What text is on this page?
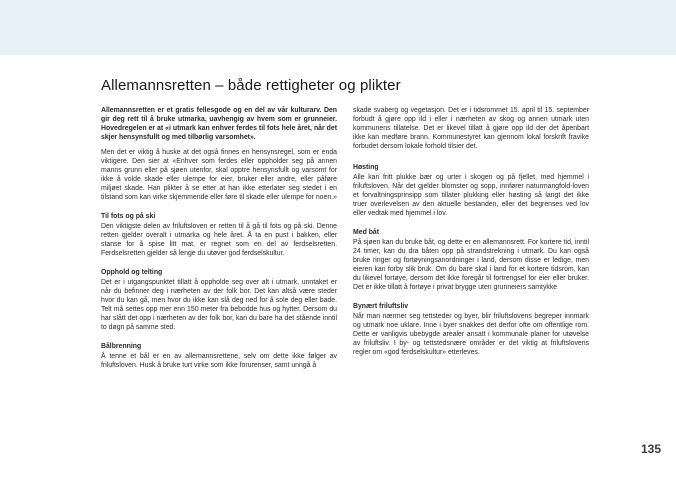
Allemannsretten – både rettigheter og plikter

Allemannsretten er et gratis fellesgode og en del av vår kulturarv. Den gir deg rett til å bruke utmarka, uavhengig av hvem som er grunneier. Hovedregelen er at «i utmark kan enhver ferdes til fots hele året, når det skjer hensynsfullt og med tilbørlig varsomhet».

Men det er viktig å huske at det også finnes en hensynsregel, som er enda viktigere. Den sier at «Enhver som ferdes eller oppholder seg på annen manns grunn eller på sjøen utenfor, skal opptre hensynsfullt og varsomt for ikke å volde skade eller ulempe for eier, bruker eller andre, eller påføre miljøet skade. Han plikter å se etter at han ikke etterlater seg stedet i en tilstand som kan virke skjemmende eller føre til skade eller ulempe for noen.»

Til fots og på ski

Den viktigste delen av friluftsloven er retten til å gå til fots og på ski. Denne retten gjelder overalt i utmarka og hele året. Å ta en pust i bakken, eller stanse for å spise litt mat, er regnet som en del av ferdselsretten. Ferdselsretten gjelder så lenge du utøver god ferdselskultur.

Opphold og telting

Det er i utgangspunktet tillatt å oppholde seg over alt i utmark, unntaket er når du befinner deg i nærheten av der folk bor. Det kan altså være steder hvor du kan gå, men hvor du ikke kan slå deg ned for å sole deg eller bade. Telt må settes opp mer enn 150 meter fra bebodde hus og hytter. Dersom du har slått det opp i nærheten av der folk bor, kan du bare ha det stående inntil to døgn på samme sted.

Bålbrenning

Å tenne et bål er en av allemannsrettene, selv om dette ikke følger av friluftsloven. Husk å bruke turt virke som ikke forurenser, samt unngå å

skade svaberg og vegetasjon. Det er i tidsrommet 15. april til 15. september forbudt å gjøre opp ild i eller i nærheten av skog og annen utmark uten kommunens tillatelse. Det er likevel tillatt å gjøre opp ild der det åpenbart ikke kan medføre brann. Kommunestyret kan gjennom lokal forskrift fravike forbudet dersom lokale forhold tilsier det.

Høsting

Alle kan fritt plukke bær og urter i skogen og på fjellet, med hjemmel i friluftsloven. Når det gjelder blomster og sopp, innfører naturmangfold-loven et forvaltningsprinsipp som tillater plukking eller høsting så langt det ikke truer overlevelsen av den aktuelle bestanden, eller det begrenses ved lov eller vedtak med hjemmel i lov.

Med båt

På sjøen kan du bruke båt, og dette er en allemannsrett. For kortere tid, inntil 24 timer, kan du dra båten opp på strandstrekning i utmark. Du kan også bruke ringer og fortøyningsanordninger i land, dersom disse er ledige, men eieren kan forby slik bruk. Om du bare skal i land for et kortere tidsrom, kan du likevel fortøye, dersom det ikke foregår til fortrengsel for eier eller bruker. Det er ikke tillatt å fortøye i privat brygge uten grunneiers samtykke

Bynært friluftsliv

Når man nærmer seg tettsteder og byer, blir friluftslovens begreper innmark og utmark noe uklare. Inne i byer snakkes det derfor ofte om offentlige rom. Dette er vanligvis ubebygde arealer ansatt i kommunale planer for utøvelse av friluftsliv. I by- og tettstedsnære områder er det viktig at friluftslovens regler om «god ferdselskultur» etterleves.

135
